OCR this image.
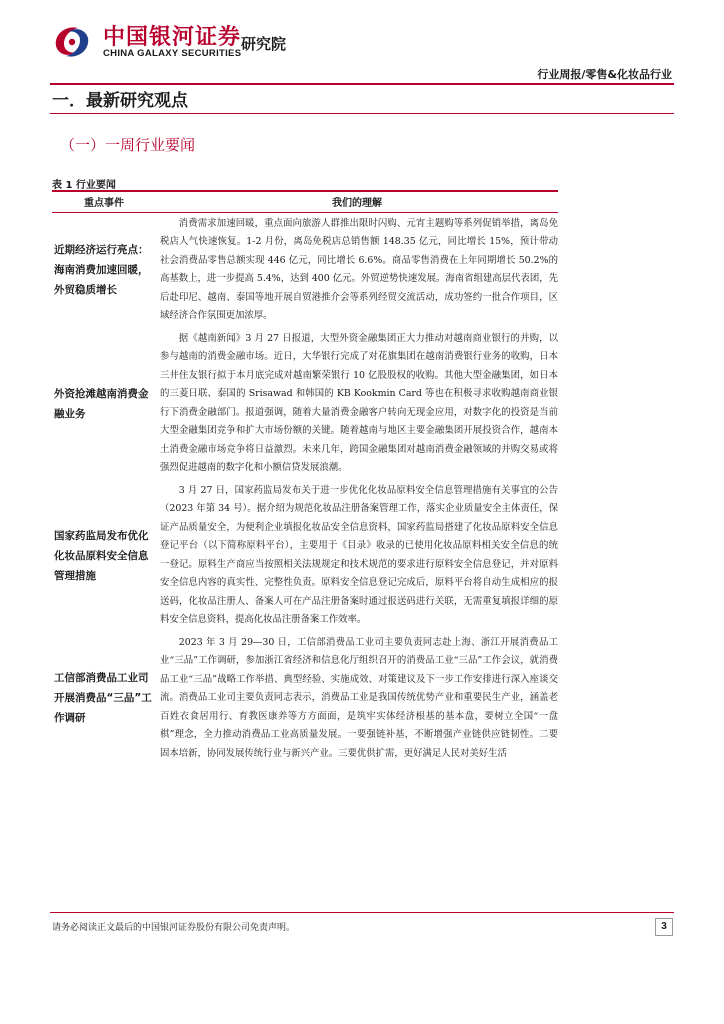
中国银河证券 研究院
CHINA GALAXY SECURITIES
行业周报/零售&化妆品行业
一．最新研究观点
（一）一周行业要闻
表 1 行业要闻
重点事件	我们的理解
近期经济运行亮点：海南消费加速回暖，外贸稳质增长	消费需求加速回暖，重点面向旅游人群推出限时闪购、元宵主题购等系列促销举措，离岛免税店人气快速恢复。1-2 月份，离岛免税店总销售额 148.35 亿元，同比增长 15%，预计带动社会消费品零售总额实现 446 亿元，同比增长 6.6%。商品零售消费在上年同期增长 50.2%的高基数上，进一步提高 5.4%，达到 400 亿元。外贸逆势快速发展。海南省组建高层代表团，先后赴印尼、越南、泰国等地开展自贸港推介会等系列经贸交流活动，成功签约一批合作项目，区域经济合作氛围更加浓厚。
外资抢滩越南消费金融业务	据《越南新闻》3 月 27 日报道，大型外资金融集团正大力推动对越南商业银行的并购，以参与越南的消费金融市场。近日，大华银行完成了对花旗集团在越南消费银行业务的收购，日本三井住友银行拟于本月底完成对越南繁荣银行 10 亿股股权的收购。其他大型金融集团，如日本的三菱日联、泰国的 Srisawad 和韩国的 KB Kookmin Card 等也在积极寻求收购越南商业银行下消费金融部门。报道强调，随着大量消费金融客户转向无现金应用，对数字化的投资是当前大型金融集团竞争和扩大市场份额的关键。随着越南与地区主要金融集团开展投资合作，越南本土消费金融市场竞争将日益激烈。未来几年，跨国金融集团对越南消费金融领域的并购交易或将强烈促进越南的数字化和小额信贷发展浪潮。
国家药监局发布优化化妆品原料安全信息管理措施	3 月 27 日，国家药监局发布关于进一步优化化妆品原料安全信息管理措施有关事宜的公告（2023 年第 34 号）。据介绍为规范化妆品注册备案管理工作，落实企业质量安全主体责任，保证产品质量安全，为便利企业填报化妆品安全信息资料，国家药监局搭建了化妆品原料安全信息登记平台（以下简称原料平台），主要用于《目录》收录的已使用化妆品原料相关安全信息的统一登记。原料生产商应当按照相关法规规定和技术规范的要求进行原料安全信息登记，并对原料安全信息内容的真实性、完整性负责。原料安全信息登记完成后，原料平台将自动生成相应的报送码，化妆品注册人、备案人可在产品注册备案时通过报送码进行关联，无需重复填报详细的原料安全信息资料，提高化妆品注册备案工作效率。
工信部消费品工业司开展消费品“三品”工作调研	2023 年 3 月 29—30 日，工信部消费品工业司主要负责同志赴上海、浙江开展消费品工业“三品”工作调研，参加浙江省经济和信息化厅组织召开的消费品工业“三品”工作会议，就消费品工业“三品”战略工作举措、典型经验、实施成效、对策建议及下一步工作安排进行深入座谈交流。消费品工业司主要负责同志表示，消费品工业是我国传统优势产业和重要民生产业，涵盖老百姓衣食居用行、育教医康养等方方面面，是筑牢实体经济根基的基本盘，要树立全国“一盘棋”理念，全力推动消费品工业高质量发展。一要强链补基，不断增强产业链供应链韧性。二要固本培新，协同发展传统行业与新兴产业。三要优供扩需，更好满足人民对美好生活
请务必阅读正文最后的中国银河证券股份有限公司免责声明。	3
